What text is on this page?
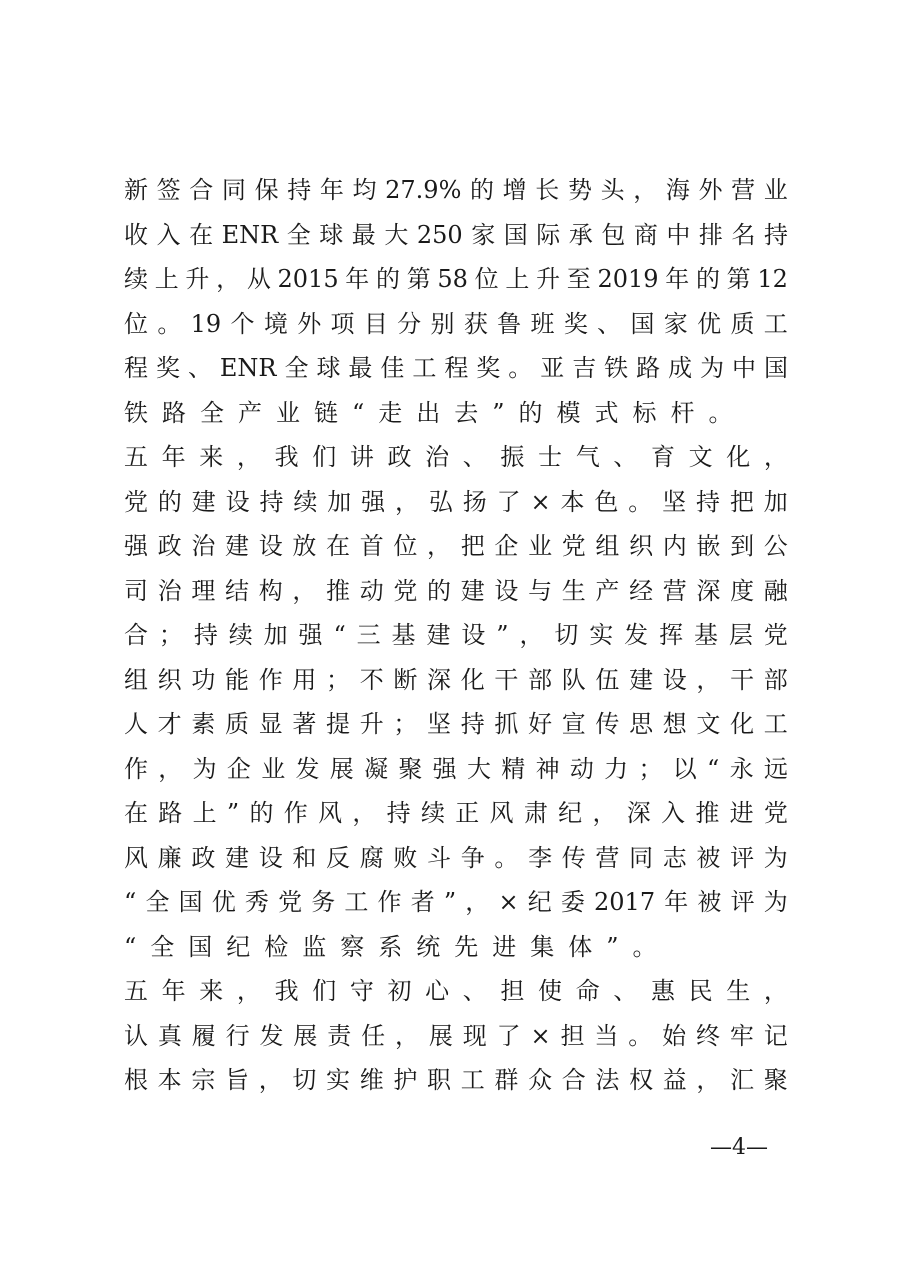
新 签 合 同 保 持 年 均 27.9% 的 增 长 势 头 ， 海 外 营 业
收 入 在 ENR 全 球 最 大 250 家 国 际 承 包 商 中 排 名 持
续 上 升 ， 从 2015 年 的 第 58 位 上 升 至 2019 年 的 第 12
位 。 19 个 境 外 项 目 分 别 获 鲁 班 奖 、 国 家 优 质 工
程 奖 、 ENR 全 球 最 佳 工 程 奖 。 亚 吉 铁 路 成 为 中 国
铁路全产业链“走出去”的模式标杆。
五 年 来 ， 我 们 讲 政 治 、 振 士 气 、 育 文 化 ，
党 的 建 设 持 续 加 强 ， 弘 扬 了 × 本 色 。 坚 持 把 加
强 政 治 建 设 放 在 首 位 ， 把 企 业 党 组 织 内 嵌 到 公
司 治 理 结 构 ， 推 动 党 的 建 设 与 生 产 经 营 深 度 融
合 ； 持 续 加 强 “ 三 基 建 设 ” ， 切 实 发 挥 基 层 党
组 织 功 能 作 用 ； 不 断 深 化 干 部 队 伍 建 设 ， 干 部
人 才 素 质 显 著 提 升 ； 坚 持 抓 好 宣 传 思 想 文 化 工
作 ， 为 企 业 发 展 凝 聚 强 大 精 神 动 力 ； 以 “ 永 远
在 路 上 ” 的 作 风 ， 持 续 正 风 肃 纪 ， 深 入 推 进 党
风 廉 政 建 设 和 反 腐 败 斗 争 。 李 传 营 同 志 被 评 为
“ 全 国 优 秀 党 务 工 作 者 ” ， × 纪 委 2017 年 被 评 为
“全国纪检监察系统先进集体”。
五 年 来 ， 我 们 守 初 心 、 担 使 命 、 惠 民 生 ，
认 真 履 行 发 展 责 任 ， 展 现 了 × 担 当 。 始 终 牢 记
根 本 宗 旨 ， 切 实 维 护 职 工 群 众 合 法 权 益 ， 汇 聚
—4—
